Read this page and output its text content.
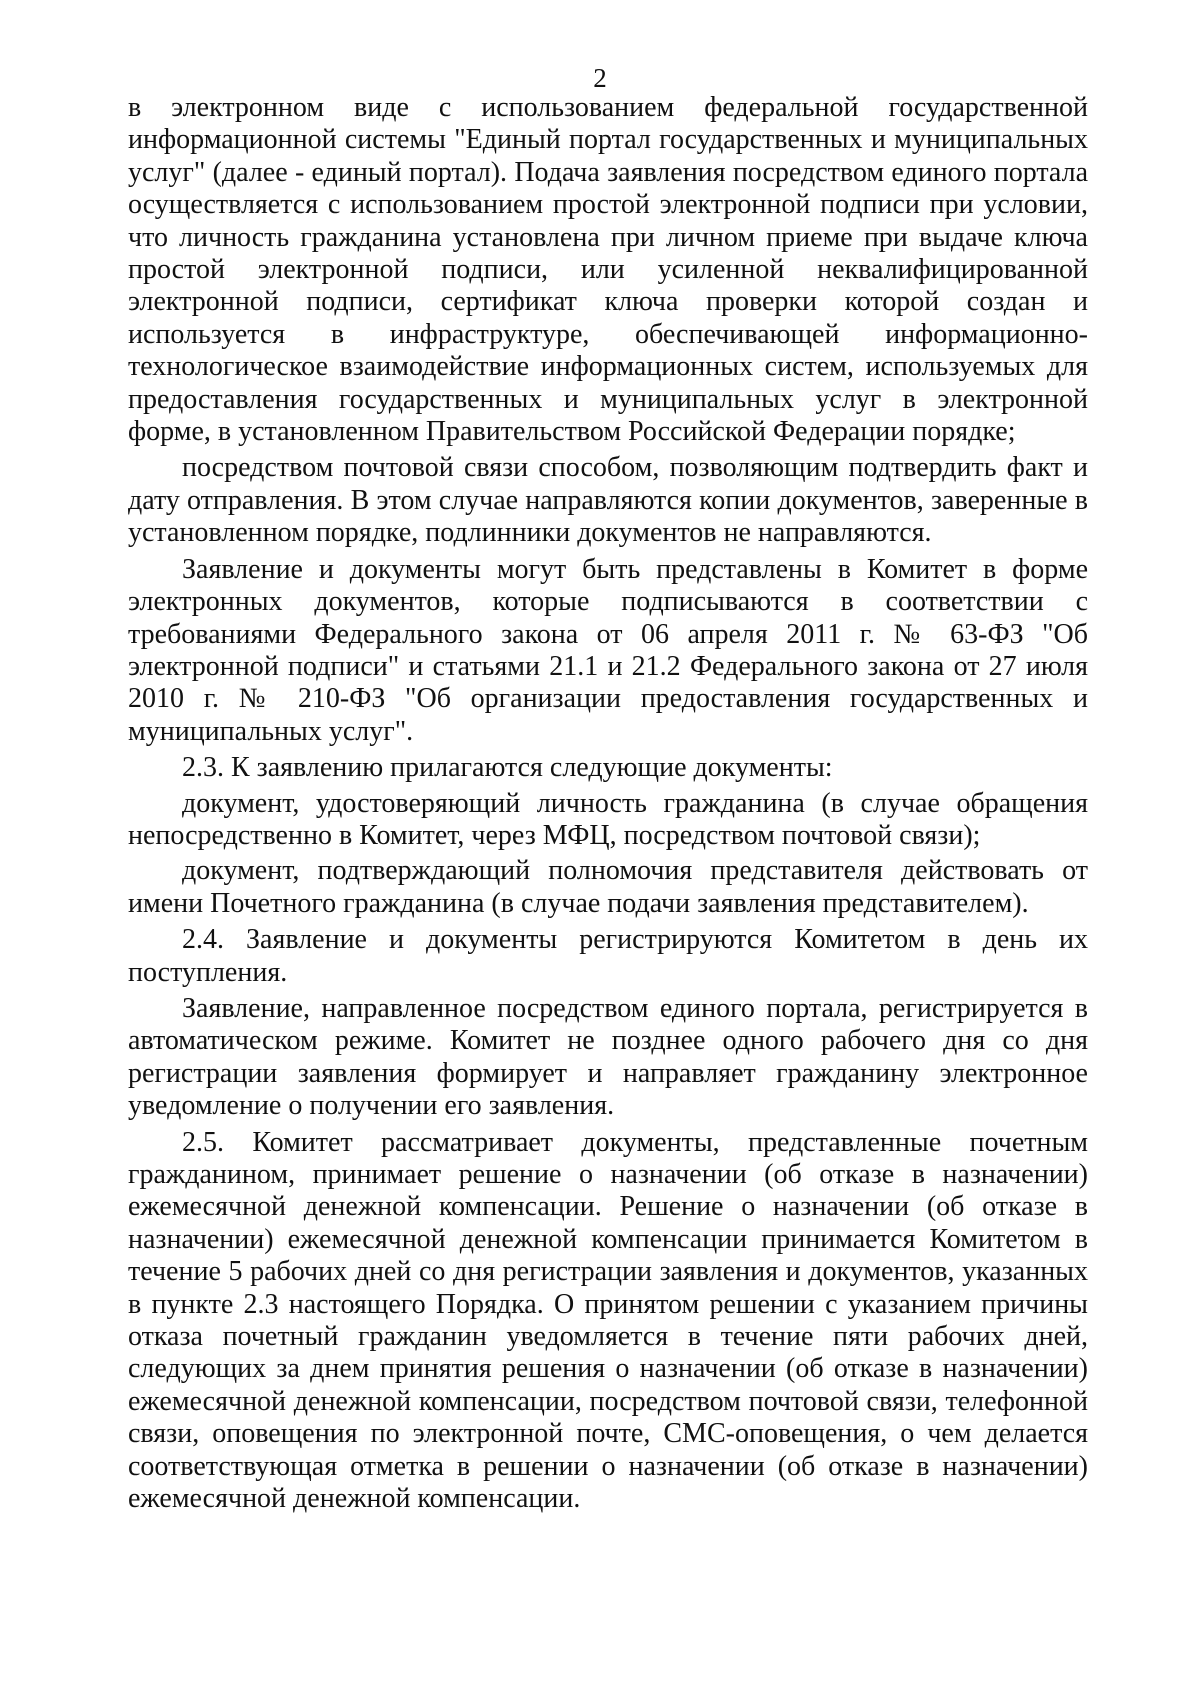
2

в электронном виде с использованием федеральной государственной информационной системы "Единый портал государственных и муниципальных услуг" (далее - единый портал). Подача заявления посредством единого портала осуществляется с использованием простой электронной подписи при условии, что личность гражданина установлена при личном приеме при выдаче ключа простой электронной подписи, или усиленной неквалифицированной электронной подписи, сертификат ключа проверки которой создан и используется в инфраструктуре, обеспечивающей информационно-технологическое взаимодействие информационных систем, используемых для предоставления государственных и муниципальных услуг в электронной форме, в установленном Правительством Российской Федерации порядке;

посредством почтовой связи способом, позволяющим подтвердить факт и дату отправления. В этом случае направляются копии документов, заверенные в установленном порядке, подлинники документов не направляются.

Заявление и документы могут быть представлены в Комитет в форме электронных документов, которые подписываются в соответствии с требованиями Федерального закона от 06 апреля 2011 г. № 63-ФЗ "Об электронной подписи" и статьями 21.1 и 21.2 Федерального закона от 27 июля 2010 г. № 210-ФЗ "Об организации предоставления государственных и муниципальных услуг".

2.3. К заявлению прилагаются следующие документы:

документ, удостоверяющий личность гражданина (в случае обращения непосредственно в Комитет, через МФЦ, посредством почтовой связи);

документ, подтверждающий полномочия представителя действовать от имени Почетного гражданина (в случае подачи заявления представителем).

2.4. Заявление и документы регистрируются Комитетом в день их поступления.

Заявление, направленное посредством единого портала, регистрируется в автоматическом режиме. Комитет не позднее одного рабочего дня со дня регистрации заявления формирует и направляет гражданину электронное уведомление о получении его заявления.

2.5. Комитет рассматривает документы, представленные почетным гражданином, принимает решение о назначении (об отказе в назначении) ежемесячной денежной компенсации. Решение о назначении (об отказе в назначении) ежемесячной денежной компенсации принимается Комитетом в течение 5 рабочих дней со дня регистрации заявления и документов, указанных в пункте 2.3 настоящего Порядка. О принятом решении с указанием причины отказа почетный гражданин уведомляется в течение пяти рабочих дней, следующих за днем принятия решения о назначении (об отказе в назначении) ежемесячной денежной компенсации, посредством почтовой связи, телефонной связи, оповещения по электронной почте, СМС-оповещения, о чем делается соответствующая отметка в решении о назначении (об отказе в назначении) ежемесячной денежной компенсации.
